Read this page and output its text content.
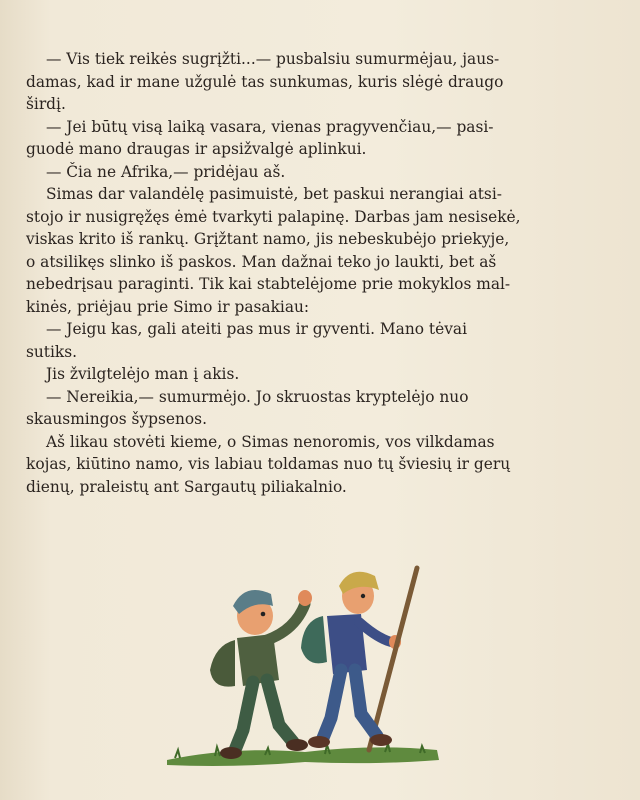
— Vis tiek reikės sugrįžti...— pusbalsiu sumurmėjau, jaus-
damas, kad ir mane užgulė tas sunkumas, kuris slėgė draugo
širdį.

— Jei būtų visą laiką vasara, vienas pragyvenčiau,— pasi-
guodė mano draugas ir apsižvalgė aplinkui.

— Čia ne Afrika,— pridėjau aš.

Simas dar valandėlę pasimuistė, bet paskui nerangiai atsi-
stojo ir nusigręžęs ėmė tvarkyti palapinę. Darbas jam nesisekė,
viskas krito iš rankų. Grįžtant namo, jis nebeskubėjo priekyje,
o atsilikęs slinko iš paskos. Man dažnai teko jo laukti, bet aš
nebedrįsau paraginti. Tik kai stabtelėjome prie mokyklos mal-
kinės, priėjau prie Simo ir pasakiau:

— Jeigu kas, gali ateiti pas mus ir gyventi. Mano tėvai
sutiks.

Jis žvilgtelėjo man į akis.

— Nereikia,— sumurmėjo. Jo skruostas kryptelėjo nuo
skausmingos šypsenos.

Aš likau stovėti kieme, o Simas nenoromis, vos vilkdamas
kojas, kiūtino namo, vis labiau toldamas nuo tų šviesių ir gerų
dienų, praleistų ant Sargautų piliakalnio.
